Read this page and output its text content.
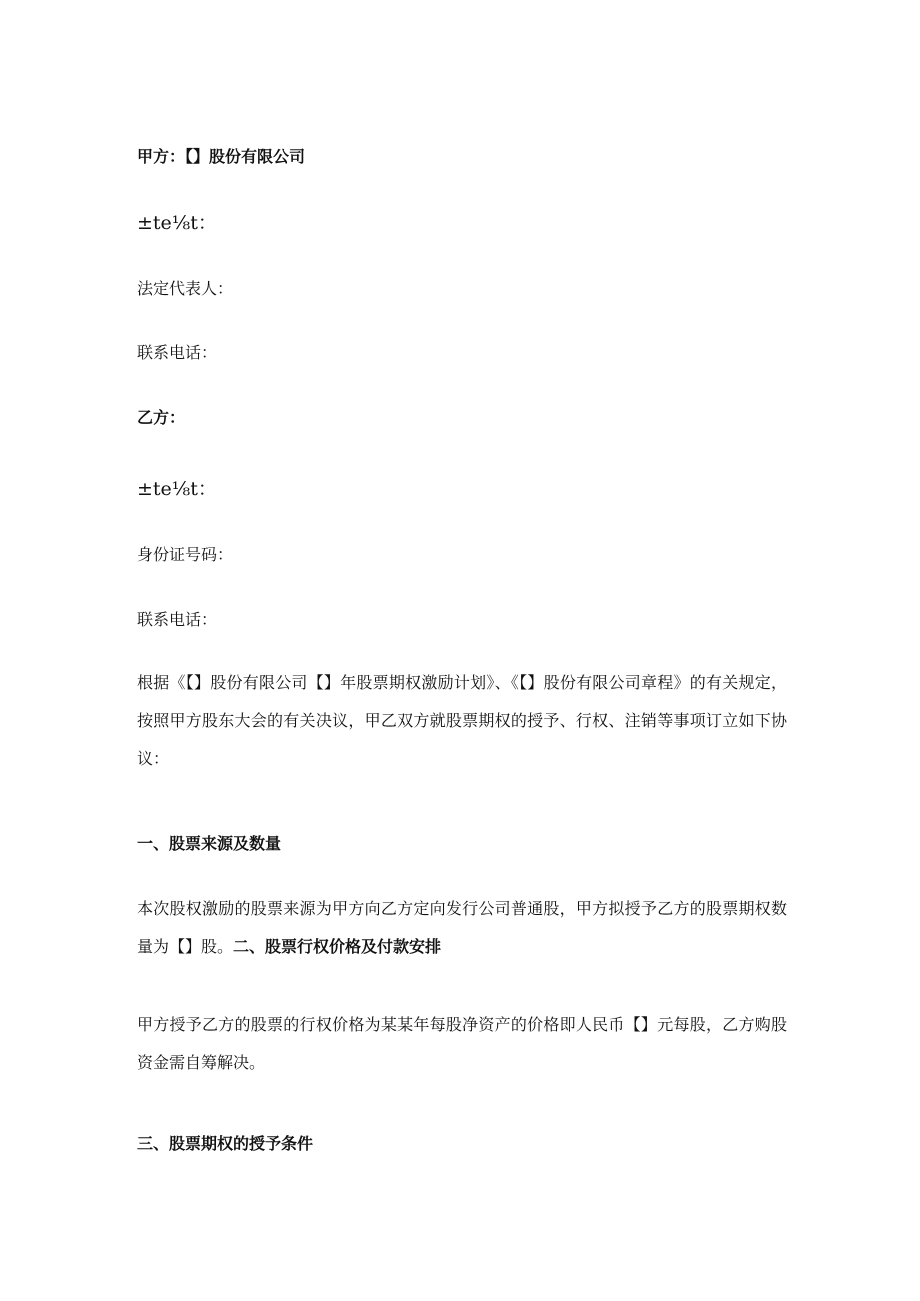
甲方：【】股份有限公司
±te⅛t：
法定代表人：
联系电话：
乙方：
±te⅛t：
身份证号码：
联系电话：
根据《【】股份有限公司【】年股票期权激励计划》、《【】股份有限公司章程》的有关规定，按照甲方股东大会的有关决议，甲乙双方就股票期权的授予、行权、注销等事项订立如下协议：
一、股票来源及数量
本次股权激励的股票来源为甲方向乙方定向发行公司普通股，甲方拟授予乙方的股票期权数量为【】股。二、股票行权价格及付款安排
甲方授予乙方的股票的行权价格为某某年每股净资产的价格即人民币【】元每股，乙方购股资金需自筹解决。
三、股票期权的授予条件
